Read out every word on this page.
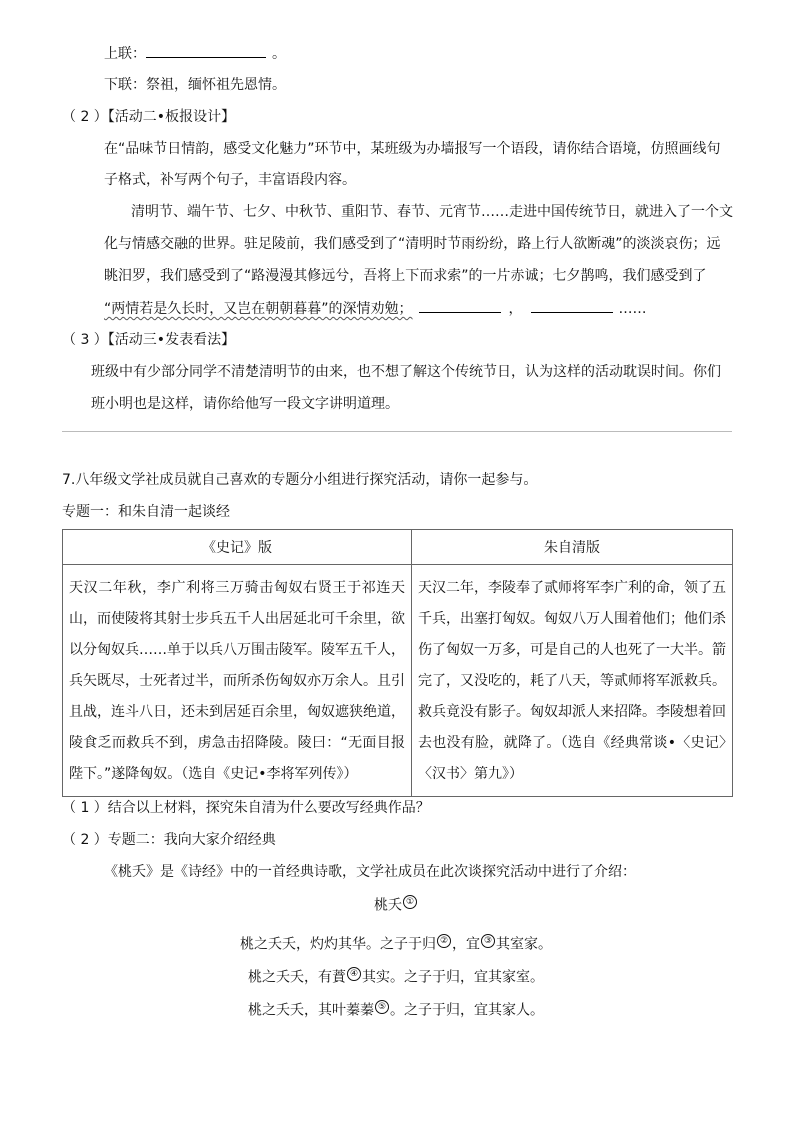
上联：	。
下联：祭祖，缅怀祖先恩情。
（ 2 ）【活动二•板报设计】
在“品味节日情韵，感受文化魅力”环节中，某班级为办墙报写一个语段，请你结合语境，仿照画线句
子格式，补写两个句子，丰富语段内容。
清明节、端午节、七夕、中秋节、重阳节、春节、元宵节……走进中国传统节日，就进入了一个文
化与情感交融的世界。驻足陵前，我们感受到了“清明时节雨纷纷，路上行人欲断魂”的淡淡哀伤；远
眺汨罗，我们感受到了“路漫漫其修远兮，吾将上下而求索”的一片赤诚；七夕鹊鸣，我们感受到了
“两情若是久长时，又岂在朝朝暮暮”的深情劝勉；	，	……
（ 3 ）【活动三•发表看法】
班级中有少部分同学不清楚清明节的由来，也不想了解这个传统节日，认为这样的活动耽误时间。你们
班小明也是这样，请你给他写一段文字讲明道理。
7.八年级文学社成员就自己喜欢的专题分小组进行探究活动，请你一起参与。
专题一：和朱自清一起谈经
《史记》版	朱自清版
天汉二年秋，李广利将三万骑击匈奴右贤王于祁连天山，而使陵将其射士步兵五千人出居延北可千余里，欲以分匈奴兵……单于以兵八万围击陵军。陵军五千人，兵矢既尽，士死者过半，而所杀伤匈奴亦万余人。且引且战，连斗八日，还未到居延百余里，匈奴遮狭绝道，陵食乏而救兵不到，虏急击招降陵。陵曰：“无面目报陛下。”遂降匈奴。（选自《史记•李将军列传》）	天汉二年，李陵奉了贰师将军李广利的命，领了五千兵，出塞打匈奴。匈奴八万人围着他们；他们杀伤了匈奴一万多，可是自己的人也死了一大半。箭完了，又没吃的，耗了八天，等贰师将军派救兵。救兵竟没有影子。匈奴却派人来招降。李陵想着回去也没有脸，就降了。（选自《经典常谈•〈史记〉〈汉书〉第九》）
（ 1 ）结合以上材料，探究朱自清为什么要改写经典作品？
（ 2 ）专题二：我向大家介绍经典
《桃夭》是《诗经》中的一首经典诗歌，文学社成员在此次谈探究活动中进行了介绍：
桃夭 ①
桃之夭夭，灼灼其华。之子于归 ② ，宜 ③ 其室家。
桃之夭夭，有蕡 ④ 其实。之子于归，宜其家室。
桃之夭夭，其叶蓁蓁 ⑤ 。之子于归，宜其家人。
